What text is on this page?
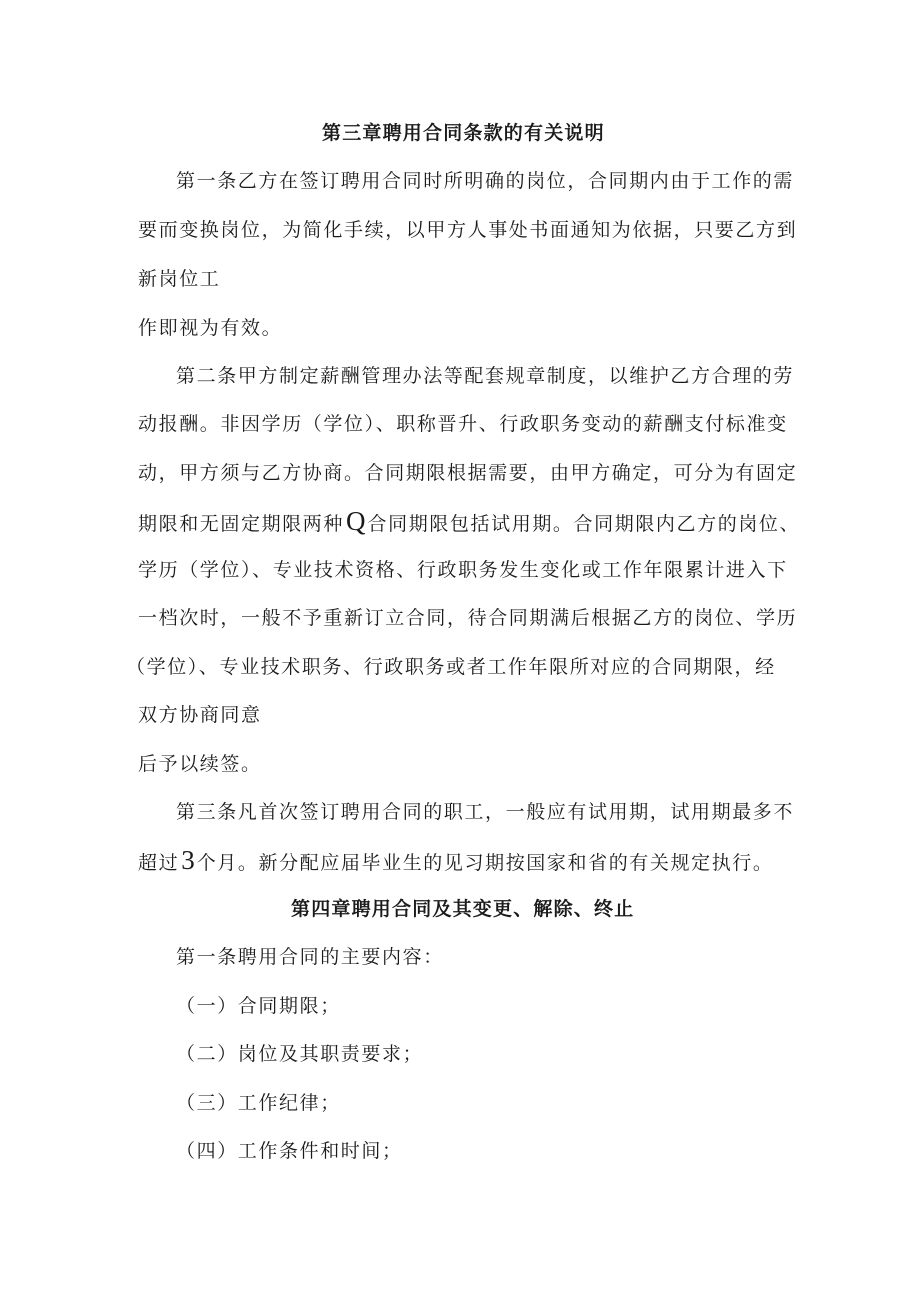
第三章聘用合同条款的有关说明
第一条乙方在签订聘用合同时所明确的岗位，合同期内由于工作的需
要而变换岗位，为简化手续，以甲方人事处书面通知为依据，只要乙方到
新岗位工
作即视为有效。
第二条甲方制定薪酬管理办法等配套规章制度，以维护乙方合理的劳
动报酬。非因学历（学位）、职称晋升、行政职务变动的薪酬支付标准变
动，甲方须与乙方协商。合同期限根据需要，由甲方确定，可分为有固定
期限和无固定期限两种Q 合同期限包括试用期。合同期限内乙方的岗位、
学历（学位）、专业技术资格、行政职务发生变化或工作年限累计进入下
一档次时，一般不予重新订立合同，待合同期满后根据乙方的岗位、学历
（学位）、专业技术职务、行政职务或者工作年限所对应的合同期限，经
双方协商同意
后予以续签。
第三条凡首次签订聘用合同的职工，一般应有试用期，试用期最多不
超过3 个月。新分配应届毕业生的见习期按国家和省的有关规定执行。
第四章聘用合同及其变更、解除、终止
第一条聘用合同的主要内容：
（一）合同期限；
（二）岗位及其职责要求；
（三）工作纪律；
（四）工作条件和时间；
